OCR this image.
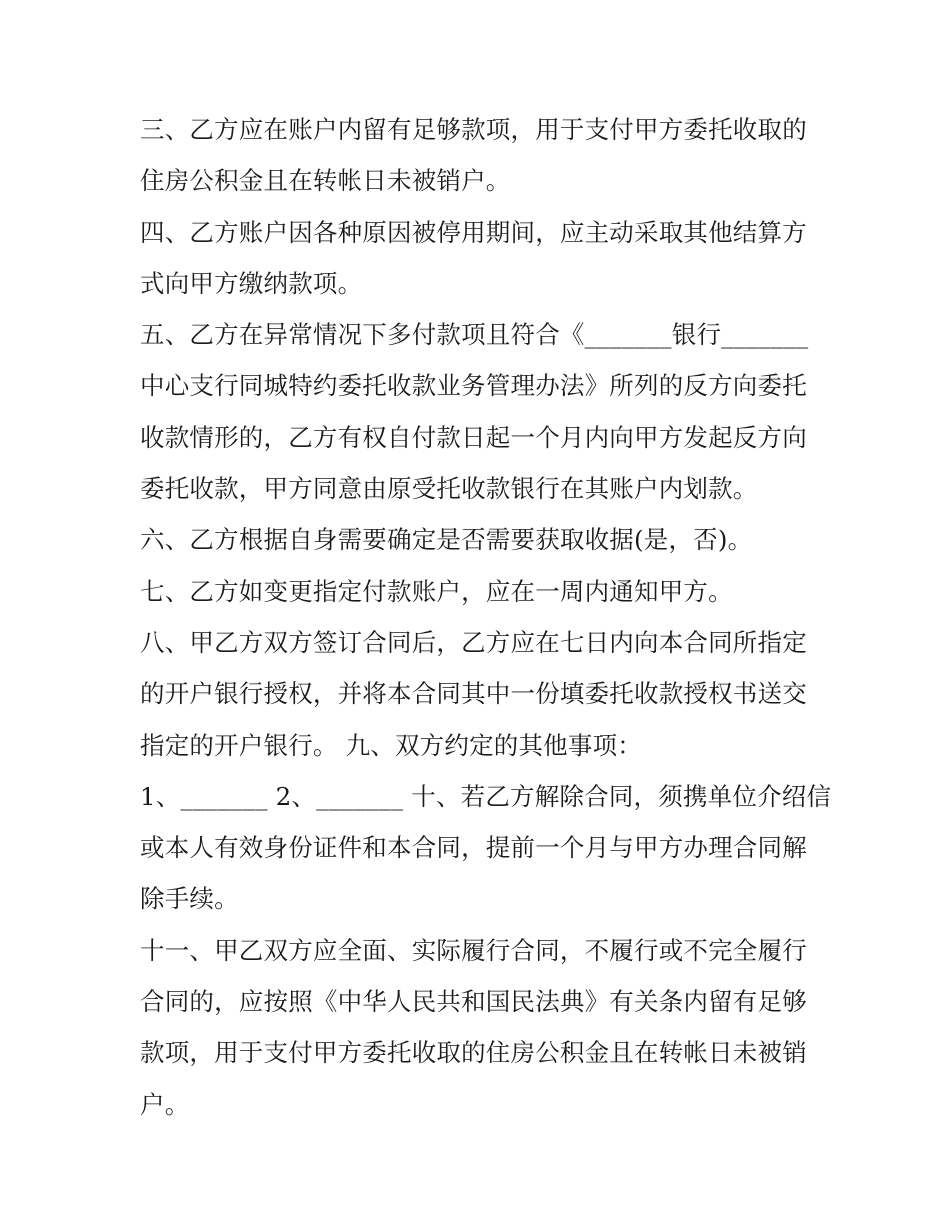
三、乙方应在账户内留有足够款项，用于支付甲方委托收取的
住房公积金且在转帐日未被销户。
四、乙方账户因各种原因被停用期间，应主动采取其他结算方
式向甲方缴纳款项。
五、乙方在异常情况下多付款项且符合《_______银行_______
中心支行同城特约委托收款业务管理办法》所列的反方向委托
收款情形的，乙方有权自付款日起一个月内向甲方发起反方向
委托收款，甲方同意由原受托收款银行在其账户内划款。
六、乙方根据自身需要确定是否需要获取收据(是，否)。
七、乙方如变更指定付款账户，应在一周内通知甲方。
八、甲乙方双方签订合同后，乙方应在七日内向本合同所指定
的开户银行授权，并将本合同其中一份填委托收款授权书送交
指定的开户银行。 九、双方约定的其他事项：
1、_______ 2、_______ 十、若乙方解除合同，须携单位介绍信
或本人有效身份证件和本合同，提前一个月与甲方办理合同解
除手续。
十一、甲乙双方应全面、实际履行合同，不履行或不完全履行
合同的，应按照《中华人民共和国民法典》有关条内留有足够
款项，用于支付甲方委托收取的住房公积金且在转帐日未被销
户。
